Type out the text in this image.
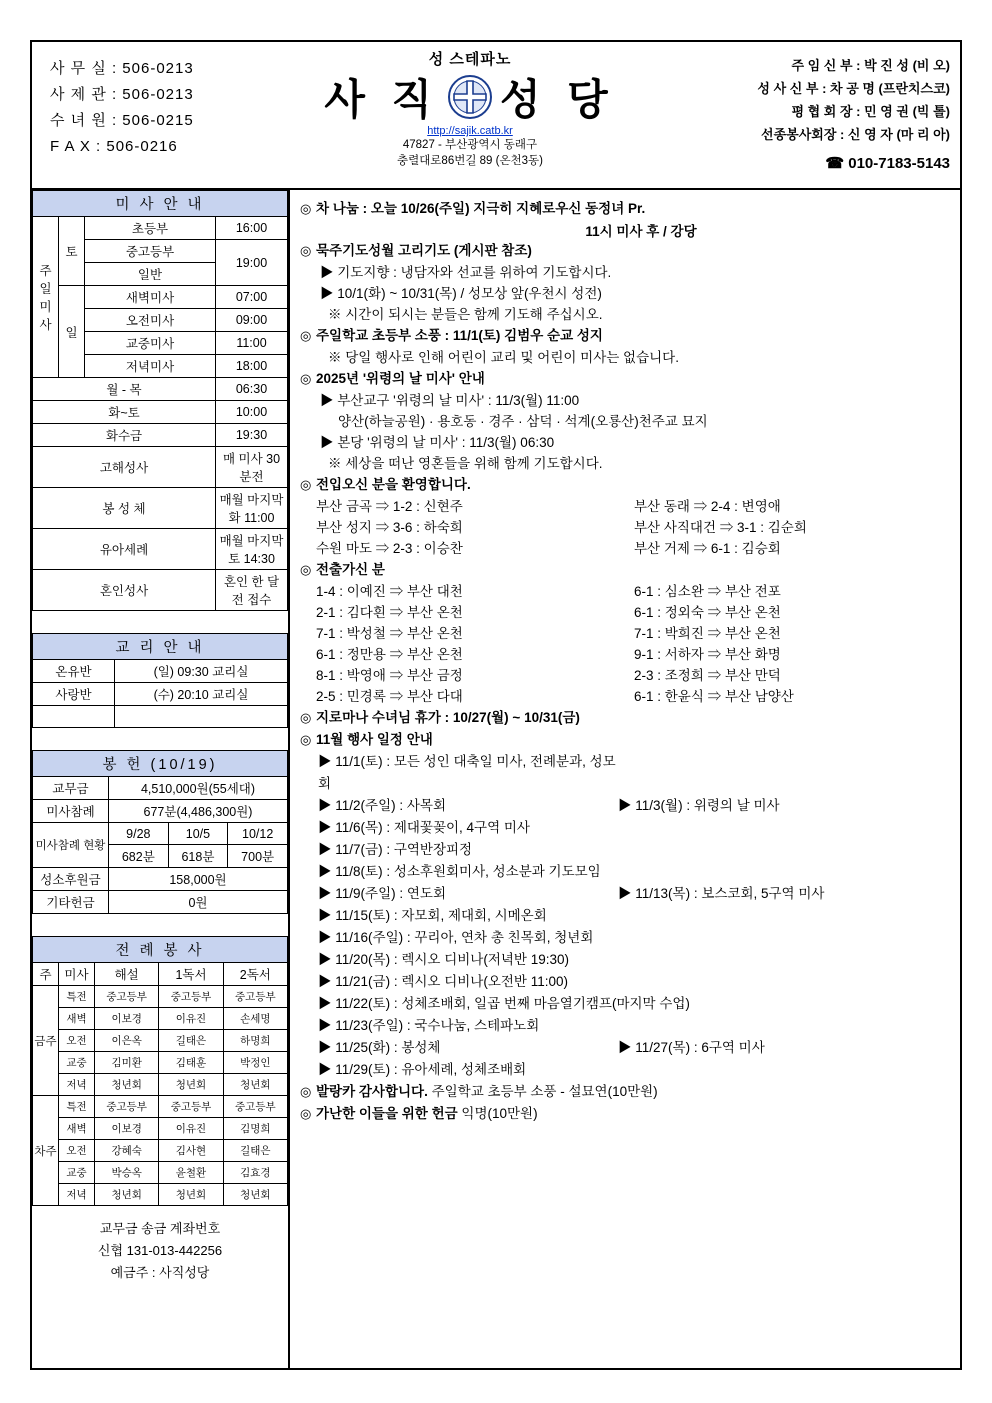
사 무 실 : 506-0213
사 제 관 : 506-0213
수 녀 원 : 506-0215
F A X : 506-0216
성 스테파노
사 직 성 당
http://sajik.catb.kr
47827 - 부산광역시 동래구
충렬대로86번길 89 (온천3동)
주 임 신 부 : 박 진 성 (비 오)
성 사 신 부 : 차 공 명 (프란치스코)
평 협 회 장 : 민 영 권 (빅 톨)
선종봉사회장 : 신 영 자 (마 리 아)
☎ 010-7183-5143
미 사 안 내			
주 일 미 사	토	초등부	16:00
		중고등부	19:00
		일반	
	일	새벽미사	07:00
		오전미사	09:00
		교중미사	11:00
		저녁미사	18:00
월 - 목			06:30
화~토			10:00
화수금			19:30
고해성사			매 미사 30분전
봉 성 체			매월 마지막 화 11:00
유아세례			매월 마지막 토 14:30
혼인성사			혼인 한 달 전 접수
교 리 안 내	
온유반	(일) 09:30 교리실
사랑반	(수) 20:10 교리실

봉 헌 (10/19)			
교무금	4,510,000원(55세대)		
미사참례	677분(4,486,300원)		
미사참례 현황	9/28	10/5	10/12
	682분	618분	700분
성소후원금	158,000원		
기타헌금	0원		
전 례 봉 사				
주	미사	해설	1독서	2독서
금주	특전	중고등부	중고등부	중고등부
	새벽	이보경	이유진	손세명
	오전	이은옥	길태은	하명희
	교중	김미환	김태훈	박정인
	저녁	청년회	청년회	청년회
차주	특전	중고등부	중고등부	중고등부
	새벽	이보경	이유진	김명희
	오전	강혜숙	김사현	길태은
	교중	박승옥	윤철환	김효경
	저녁	청년회	청년회	청년회
교무금 송금 계좌번호
신협 131-013-442256
예금주 : 사직성당
◎ 차 나눔 : 오늘 10/26(주일) 지극히 지혜로우신 동정녀 Pr.
11시 미사 후 / 강당
◎ 묵주기도성월 고리기도 (게시판 참조)
▶ 기도지향 : 냉담자와 선교를 위하여 기도합시다.
▶ 10/1(화) ~ 10/31(목) / 성모상 앞(우천시 성전)
※ 시간이 되시는 분들은 함께 기도해 주십시오.
◎ 주일학교 초등부 소풍 : 11/1(토) 김범우 순교 성지
※ 당일 행사로 인해 어린이 교리 및 어린이 미사는 없습니다.
◎ 2025년 '위령의 날 미사' 안내
▶ 부산교구 '위령의 날 미사' : 11/3(월) 11:00
양산(하늘공원) · 용호동 · 경주 · 삼덕 · 석계(오룡산)천주교 묘지
▶ 본당 '위령의 날 미사' : 11/3(월) 06:30
※ 세상을 떠난 영혼들을 위해 함께 기도합시다.
◎ 전입오신 분을 환영합니다.
부산 금곡 ⇒ 1-2 : 신현주	부산 동래 ⇒ 2-4 : 변영애
부산 성지 ⇒ 3-6 : 하숙희	부산 사직대건 ⇒ 3-1 : 김순희
수원 마도 ⇒ 2-3 : 이승찬	부산 거제 ⇒ 6-1 : 김승회
◎ 전출가신 분
1-4 : 이예진 ⇒ 부산 대천	6-1 : 심소완 ⇒ 부산 전포
2-1 : 김다흰 ⇒ 부산 온천	6-1 : 정외숙 ⇒ 부산 온천
7-1 : 박성철 ⇒ 부산 온천	7-1 : 박희진 ⇒ 부산 온천
6-1 : 정만용 ⇒ 부산 온천	9-1 : 서하자 ⇒ 부산 화명
8-1 : 박영애 ⇒ 부산 금정	2-3 : 조정희 ⇒ 부산 만덕
2-5 : 민경록 ⇒ 부산 다대	6-1 : 한윤식 ⇒ 부산 남양산
◎ 지로마나 수녀님 휴가 : 10/27(월) ~ 10/31(금)
◎ 11월 행사 일정 안내
▶ 11/1(토) : 모든 성인 대축일 미사, 전례분과, 성모회
▶ 11/2(주일) : 사목회	▶ 11/3(월) : 위령의 날 미사
▶ 11/6(목) : 제대꽃꽂이, 4구역 미사
▶ 11/7(금) : 구역반장피정
▶ 11/8(토) : 성소후원회미사, 성소분과 기도모임
▶ 11/9(주일) : 연도회	▶ 11/13(목) : 보스코회, 5구역 미사
▶ 11/15(토) : 자모회, 제대회, 시메온회
▶ 11/16(주일) : 꾸리아, 연차 총 친목회, 청년회
▶ 11/20(목) : 렉시오 디비나(저녁반 19:30)
▶ 11/21(금) : 렉시오 디비나(오전반 11:00)
▶ 11/22(토) : 성체조배회, 일곱 번째 마음열기캠프(마지막 수업)
▶ 11/23(주일) : 국수나눔, 스테파노회
▶ 11/25(화) : 봉성체	▶ 11/27(목) : 6구역 미사
▶ 11/29(토) : 유아세례, 성체조배회
◎ 발랑카 감사합니다. 주일학교 초등부 소풍 - 설묘연(10만원)
◎ 가난한 이들을 위한 헌금 익명(10만원)
